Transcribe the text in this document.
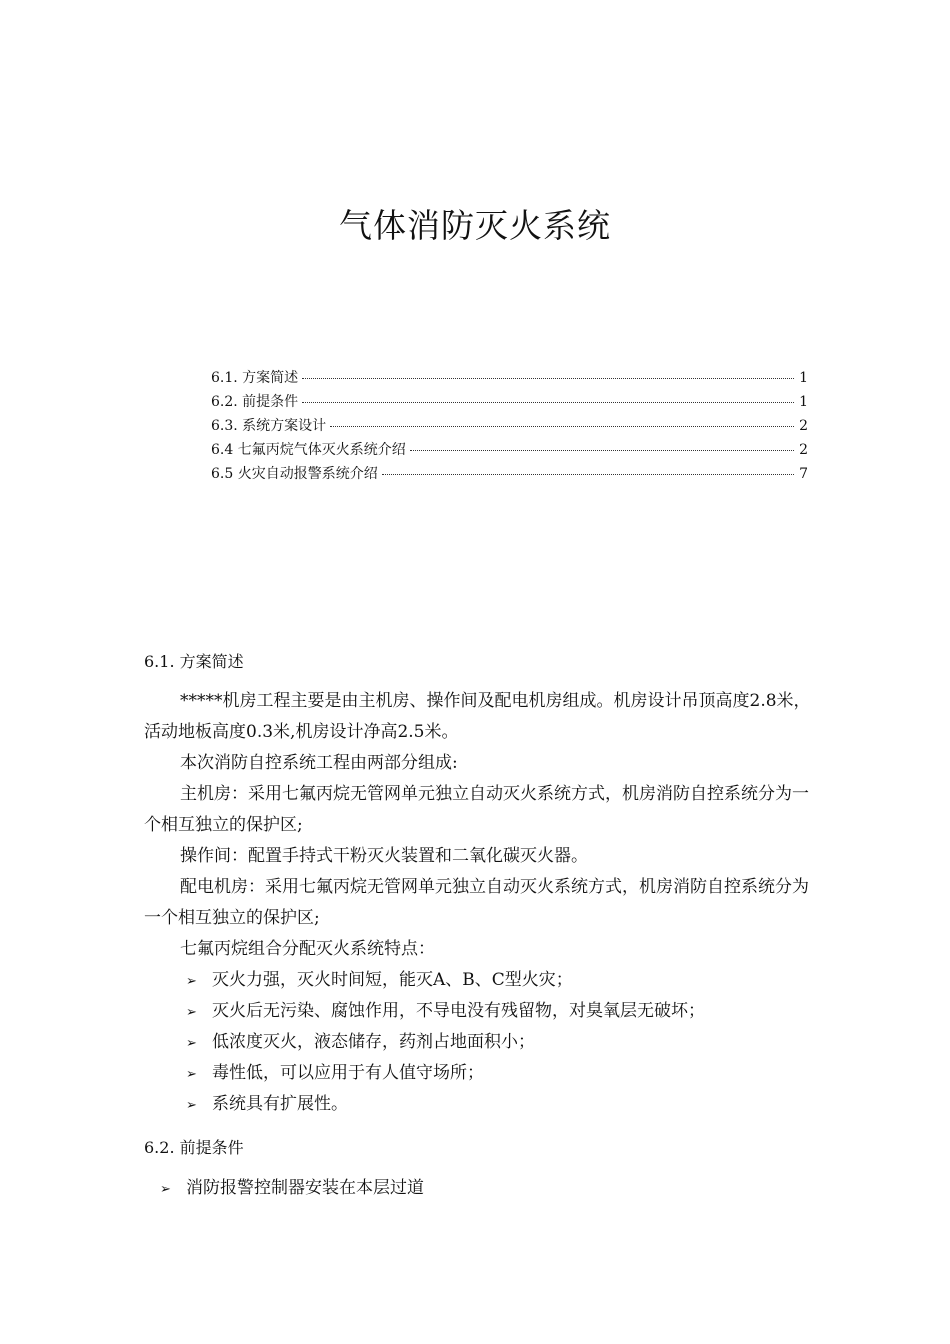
气体消防灭火系统
6.1. 方案简述	1
6.2. 前提条件	1
6.3. 系统方案设计	2
6.4 七氟丙烷气体灭火系统介绍	2
6.5 火灾自动报警系统介绍	7
6.1. 方案简述

*****机房工程主要是由主机房、操作间及配电机房组成。机房设计吊顶高度2.8米，活动地板高度0.3米,机房设计净高2.5米。

本次消防自控系统工程由两部分组成:

主机房：采用七氟丙烷无管网单元独立自动灭火系统方式，机房消防自控系统分为一个相互独立的保护区;

操作间：配置手持式干粉灭火装置和二氧化碳灭火器。

配电机房：采用七氟丙烷无管网单元独立自动灭火系统方式，机房消防自控系统分为一个相互独立的保护区;

七氟丙烷组合分配灭火系统特点：

➢ 灭火力强，灭火时间短，能灭A、B、C型火灾；
➢ 灭火后无污染、腐蚀作用，不导电没有残留物，对臭氧层无破坏；
➢ 低浓度灭火，液态储存，药剂占地面积小；
➢ 毒性低，可以应用于有人值守场所；
➢ 系统具有扩展性。
6.2. 前提条件
➢ 消防报警控制器安装在本层过道
